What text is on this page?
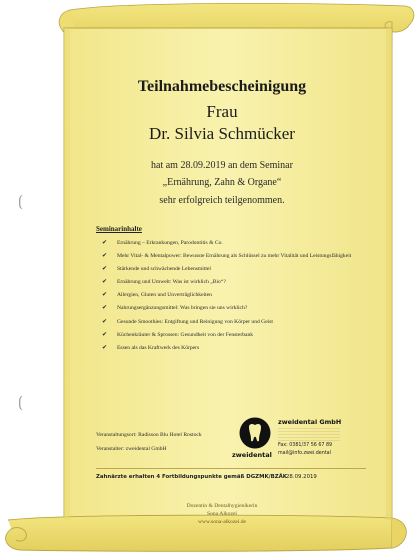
⟮
⟮
Teilnahmebescheinigung
Frau
Dr. Silvia Schmücker
hat am 28.09.2019 an dem Seminar
„Ernährung, Zahn & Organe“
sehr erfolgreich teilgenommen.
Seminarinhalte
✔ Ernährung – Erkrankungen, Parodontitis & Co.
✔ Mehr Vital- & Mentalpower: Bewusste Ernährung als Schlüssel zu mehr Vitalität und Leistungsfähigkeit
✔ Stärkende und schwächende Lebensmittel
✔ Ernährung und Umwelt: Was ist wirklich „Bio“?
✔ Allergien, Gluten und Unverträglichkeiten
✔ Nahrungsergänzungsmittel: Was bringen sie uns wirklich?
✔ Gesunde Smoothies: Entgiftung und Reinigung von Körper und Geist
✔ Küchenkräuter & Sprossen: Gesundheit von der Fensterbank
✔ Essen als das Kraftwerk des Körpers
Veranstaltungsort: Radisson Blu Hotel Rostock
Veranstalter: zweidental GmbH
zweidental
zweidental GmbH
Fax: 0381/37 56 67 89
mail@info.zwei.dental
Zahnärzte erhalten 4 Fortbildungspunkte gemäß DGZMK/BZÄK 28.09.2019
Dozentin & Dentalhygienikerin
Sona Alkozei
www.sona-alkozei.de
